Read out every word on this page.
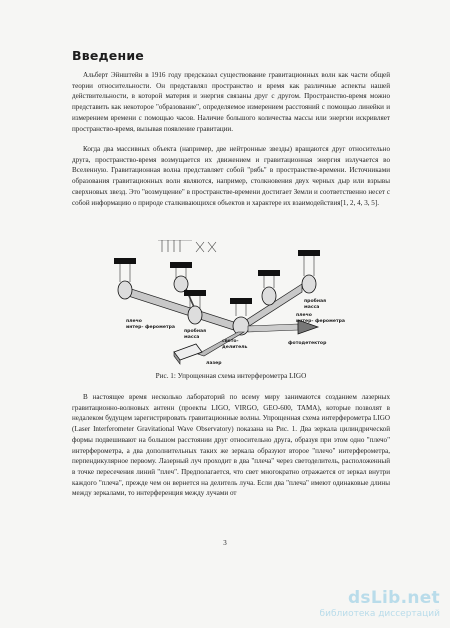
Введение
Альберт Эйнштейн в 1916 году предсказал существование гравитационных волн как части общей теории относительности. Он представлял пространство и время как различные аспекты нашей действительности, в которой материя и энергия связаны друг с другом. Пространство-время можно представить как некоторое "образование", определяемое измерением расстояний с помощью линейки и измерением времени с помощью часов. Наличие большого количества массы или энергии искривляет пространство-время, вызывая появление гравитации.
Когда два массивных объекта (например, две нейтронные звезды) вращаются друг относительно друга, пространство-время возмущается их движением и гравитационная энергия излучается во Вселенную. Гравитационная волна представляет собой "рябь" в пространстве-времени. Источниками образования гравитационных волн являются, например, столкновения двух черных дыр или взрывы сверхновых звезд. Это "возмущение" в пространстве-времени достигает Земли и соответственно несет с собой информацию о природе сталкивающихся объектов и характере их взаимодействия[1, 2, 4, 3, 5].
пробная масса
плечо интер- ферометра
плечо интер- ферометра
пробная масса
свето-делитель
лазер
фотодетектор
Рис. 1: Упрощенная схема интерферометра LIGO
В настоящее время несколько лабораторий по всему миру занимаются созданием лазерных гравитационно-волновых антенн (проекты LIGO, VIRGO, GEO-600, TAMA), которые позволят в недалеком будущем зарегистрировать гравитационные волны. Упрощенная схема интерферометра LIGO (Laser Interferometer Gravitational Wave Observatory) показана на Рис. 1. Два зеркала цилиндрической формы подвешивают на большом расстоянии друг относительно друга, образуя при этом одно "плечо" интерферометра, а два дополнительных таких же зеркала образуют второе "плечо" интерферометра, перпендикулярное первому. Лазерный луч проходит в два "плеча" через светоделитель, расположенный в точке пересечения линий "плеч". Предполагается, что свет многократно отражается от зеркал внутри каждого "плеча", прежде чем он вернется на делитель луча. Если два "плеча" имеют одинаковые длины между зеркалами, то интерференция между лучами от
3
dsLib.net
библиотека диссертаций
